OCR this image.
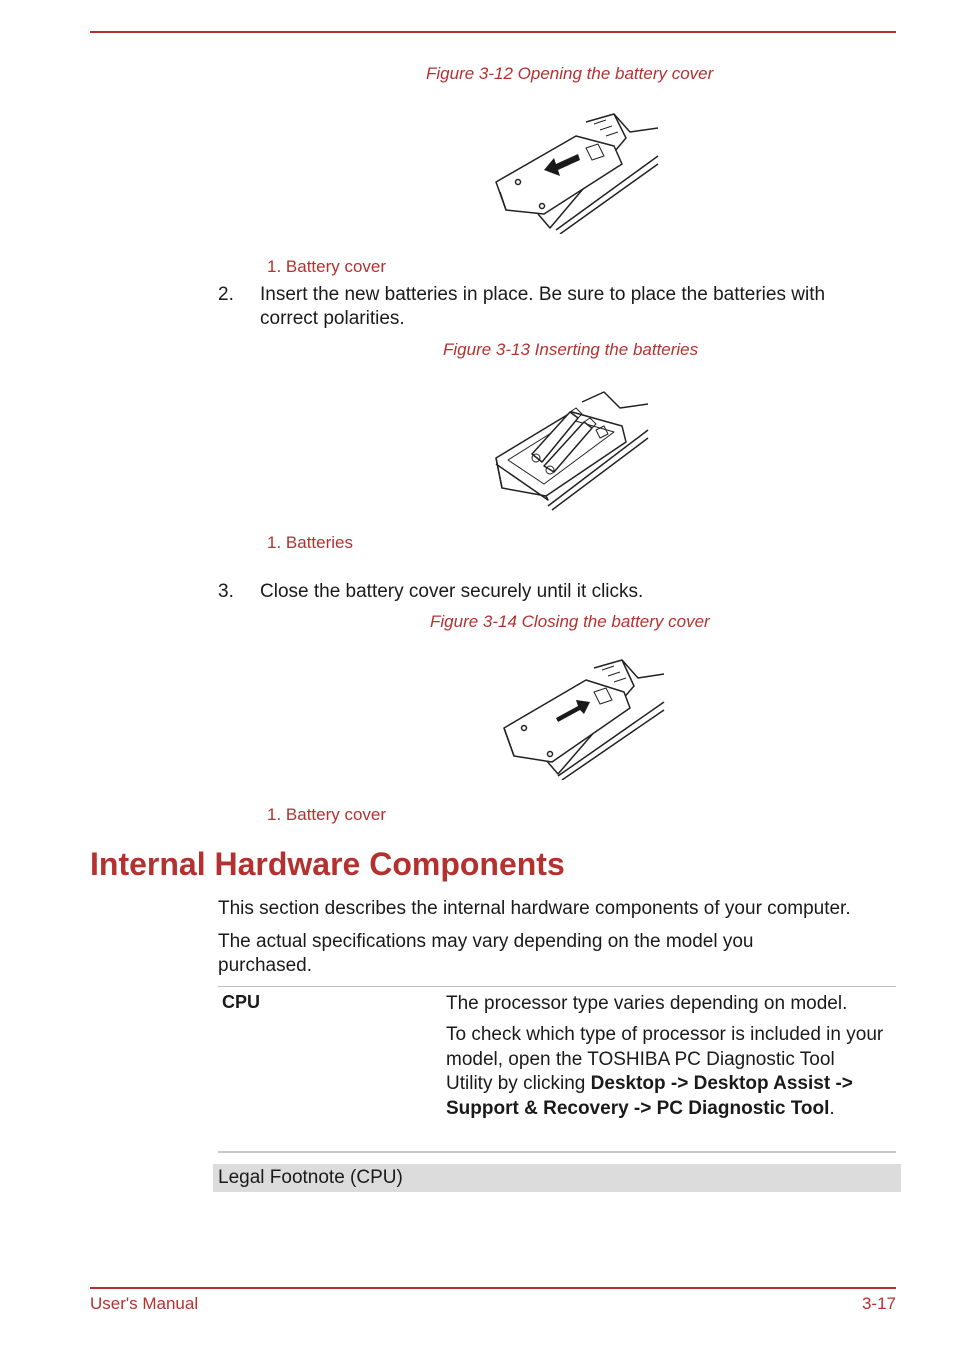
Figure 3-12 Opening the battery cover
1. Battery cover
2. Insert the new batteries in place. Be sure to place the batteries with correct polarities.
Figure 3-13 Inserting the batteries
1. Batteries
3. Close the battery cover securely until it clicks.
Figure 3-14 Closing the battery cover
1. Battery cover
Internal Hardware Components
This section describes the internal hardware components of your computer.
The actual specifications may vary depending on the model you purchased.
CPU	The processor type varies depending on model.
To check which type of processor is included in your model, open the TOSHIBA PC Diagnostic Tool Utility by clicking Desktop -> Desktop Assist -> Support & Recovery -> PC Diagnostic Tool.
Legal Footnote (CPU)
User's Manual	3-17
